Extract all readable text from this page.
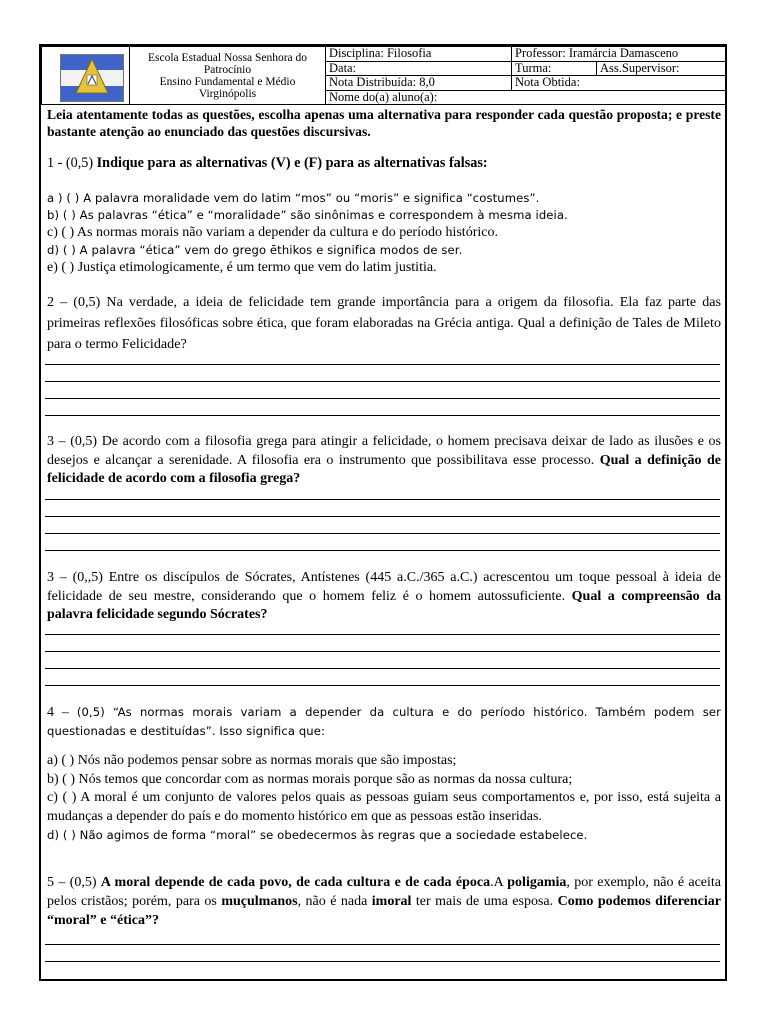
	Escola Estadual Nossa Senhora do
Patrocínio
Ensino Fundamental e Médio
Virginópolis	Disciplina: Filosofia	Professor: Iramárcia Damasceno	
		Data:	Turma:	Ass.Supervisor:
		Nota Distribuída: 8,0	Nota Obtida:	
		Nome do(a) aluno(a):		
Leia atentamente todas as questões, escolha apenas uma alternativa para responder cada questão proposta; e preste bastante atenção ao enunciado das questões discursivas.
1 - (0,5) Indique para as alternativas (V) e (F) para as alternativas falsas:
a ) ( ) A palavra moralidade vem do latim “mos” ou “moris” e significa “costumes”.
b) ( ) As palavras “ética” e “moralidade” são sinônimas e correspondem à mesma ideia.
c) ( ) As normas morais não variam a depender da cultura e do período histórico.
d) ( ) A palavra “ética” vem do grego ēthikos e significa modos de ser.
e) ( ) Justiça etimologicamente, é um termo que vem do latim justitia.
2 – (0,5) Na verdade, a ideia de felicidade tem grande importância para a origem da filosofia. Ela faz parte das primeiras reflexões filosóficas sobre ética, que foram elaboradas na Grécia antiga. Qual a definição de Tales de Mileto para o termo Felicidade?
3 – (0,5) De acordo com a filosofia grega para atingir a felicidade, o homem precisava deixar de lado as ilusões e os desejos e alcançar a serenidade. A filosofia era o instrumento que possibilitava esse processo. Qual a definição de felicidade de acordo com a filosofia grega?
3 – (0,,5) Entre os discípulos de Sócrates, Antístenes (445 a.C./365 a.C.) acrescentou um toque pessoal à ideia de felicidade de seu mestre, considerando que o homem feliz é o homem autossuficiente. Qual a compreensão da palavra felicidade segundo Sócrates?
4 – (0,5) “As normas morais variam a depender da cultura e do período histórico. Também podem ser questionadas e destituídas”. Isso significa que:
a) ( ) Nós não podemos pensar sobre as normas morais que são impostas;
b) ( ) Nós temos que concordar com as normas morais porque são as normas da nossa cultura;
c) ( ) A moral é um conjunto de valores pelos quais as pessoas guiam seus comportamentos e, por isso, está sujeita a mudanças a depender do país e do momento histórico em que as pessoas estão inseridas.
d) ( ) Não agimos de forma “moral” se obedecermos às regras que a sociedade estabelece.
5 – (0,5) A moral depende de cada povo, de cada cultura e de cada época.A poligamia, por exemplo, não é aceita pelos cristãos; porém, para os muçulmanos, não é nada imoral ter mais de uma esposa. Como podemos diferenciar “moral” e “ética”?
